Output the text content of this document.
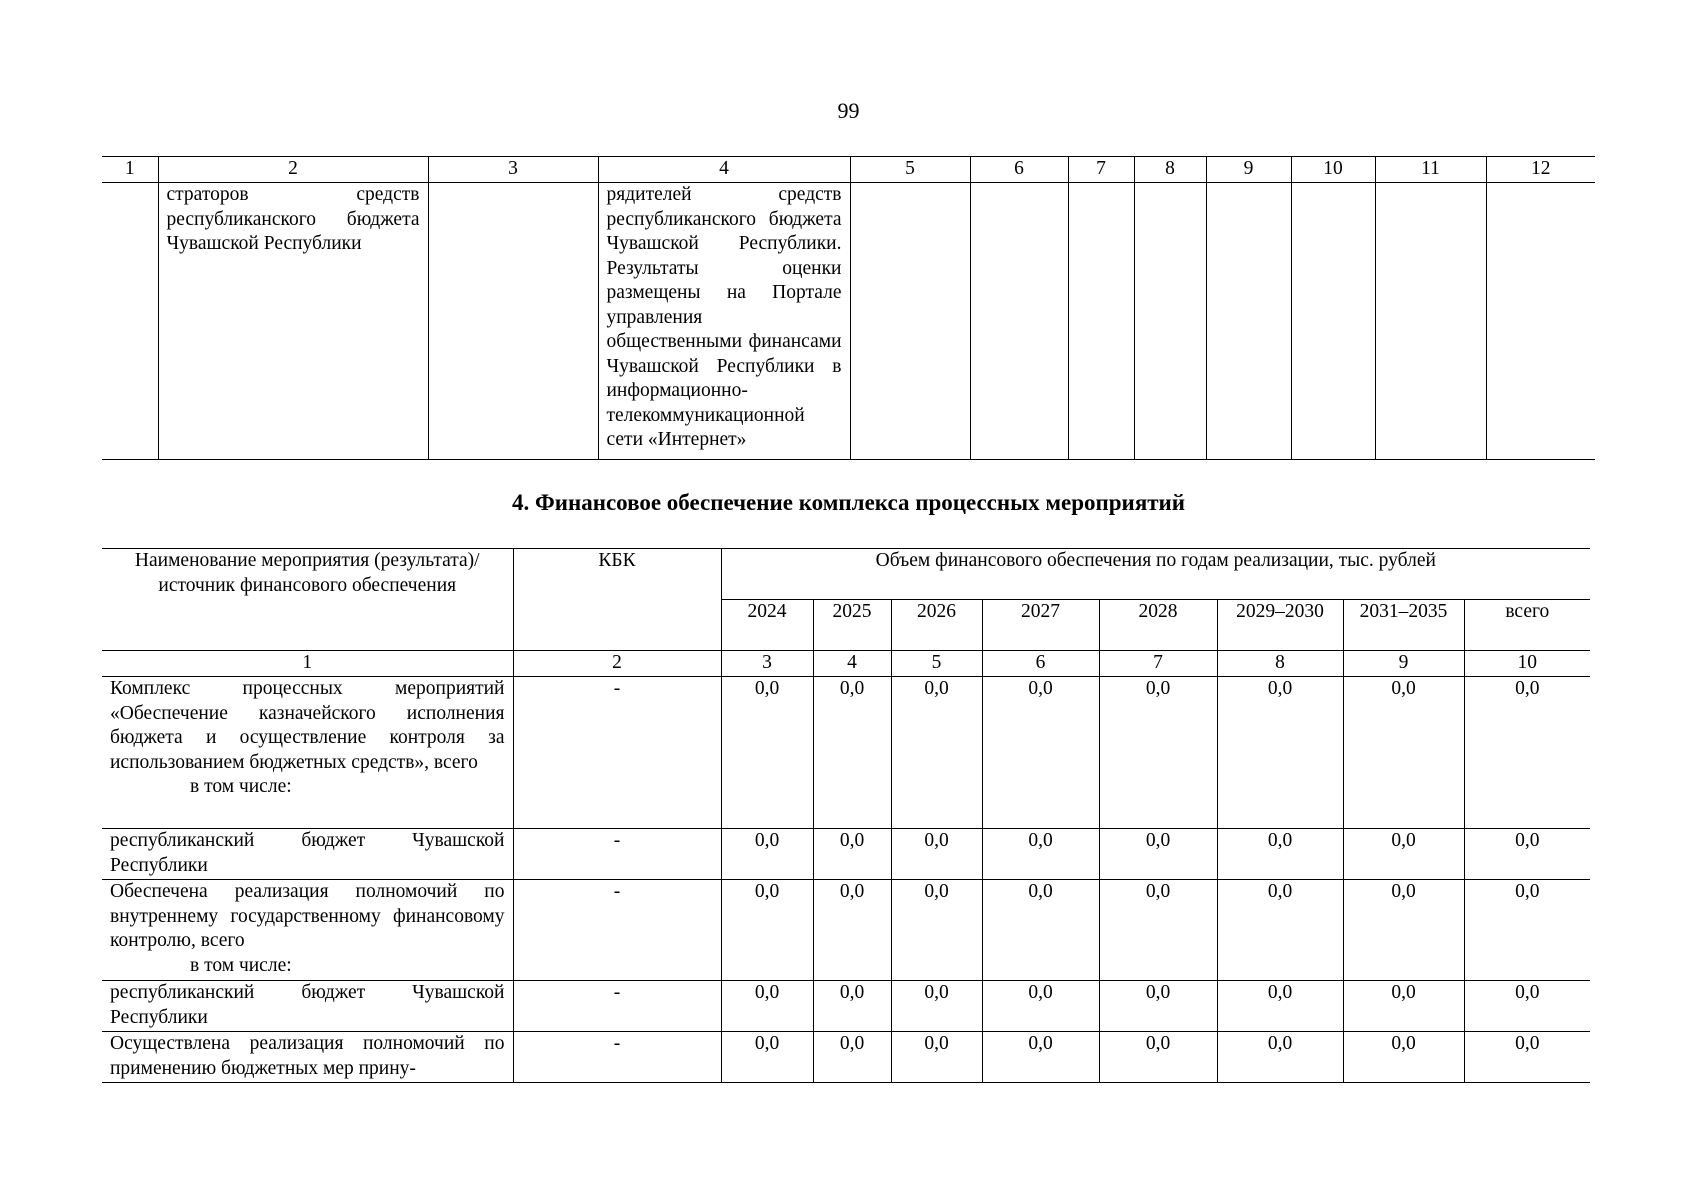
99
1	2	3	4	5	6	7	8	9	10	11	12
	страторов средств республиканского бюджета Чувашской Республики		рядителей средств республиканского бюджета Чувашской Республики. Результаты оценки размещены на Портале управления общественными финансами Чувашской Республики в информационно-телекоммуникационной сети «Интернет»								
4. Финансовое обеспечение комплекса процессных мероприятий
Наименование мероприятия (результата)/источник финансового обеспечения	КБК	Объем финансового обеспечения по годам реализации, тыс. рублей							
		2024	2025	2026	2027	2028	2029–2030	2031–2035	всего
1	2	3	4	5	6	7	8	9	10
Комплекс процессных мероприятий «Обеспечение казначейского исполнения бюджета и осуществление контроля за использованием бюджетных средств», всего
в том числе:	-	0,0	0,0	0,0	0,0	0,0	0,0	0,0	0,0
республиканский бюджет Чувашской Республики	-	0,0	0,0	0,0	0,0	0,0	0,0	0,0	0,0
Обеспечена реализация полномочий по внутреннему государственному финансовому контролю, всего
в том числе:	-	0,0	0,0	0,0	0,0	0,0	0,0	0,0	0,0
республиканский бюджет Чувашской Республики	-	0,0	0,0	0,0	0,0	0,0	0,0	0,0	0,0
Осуществлена реализация полномочий по применению бюджетных мер прину-	-	0,0	0,0	0,0	0,0	0,0	0,0	0,0	0,0
